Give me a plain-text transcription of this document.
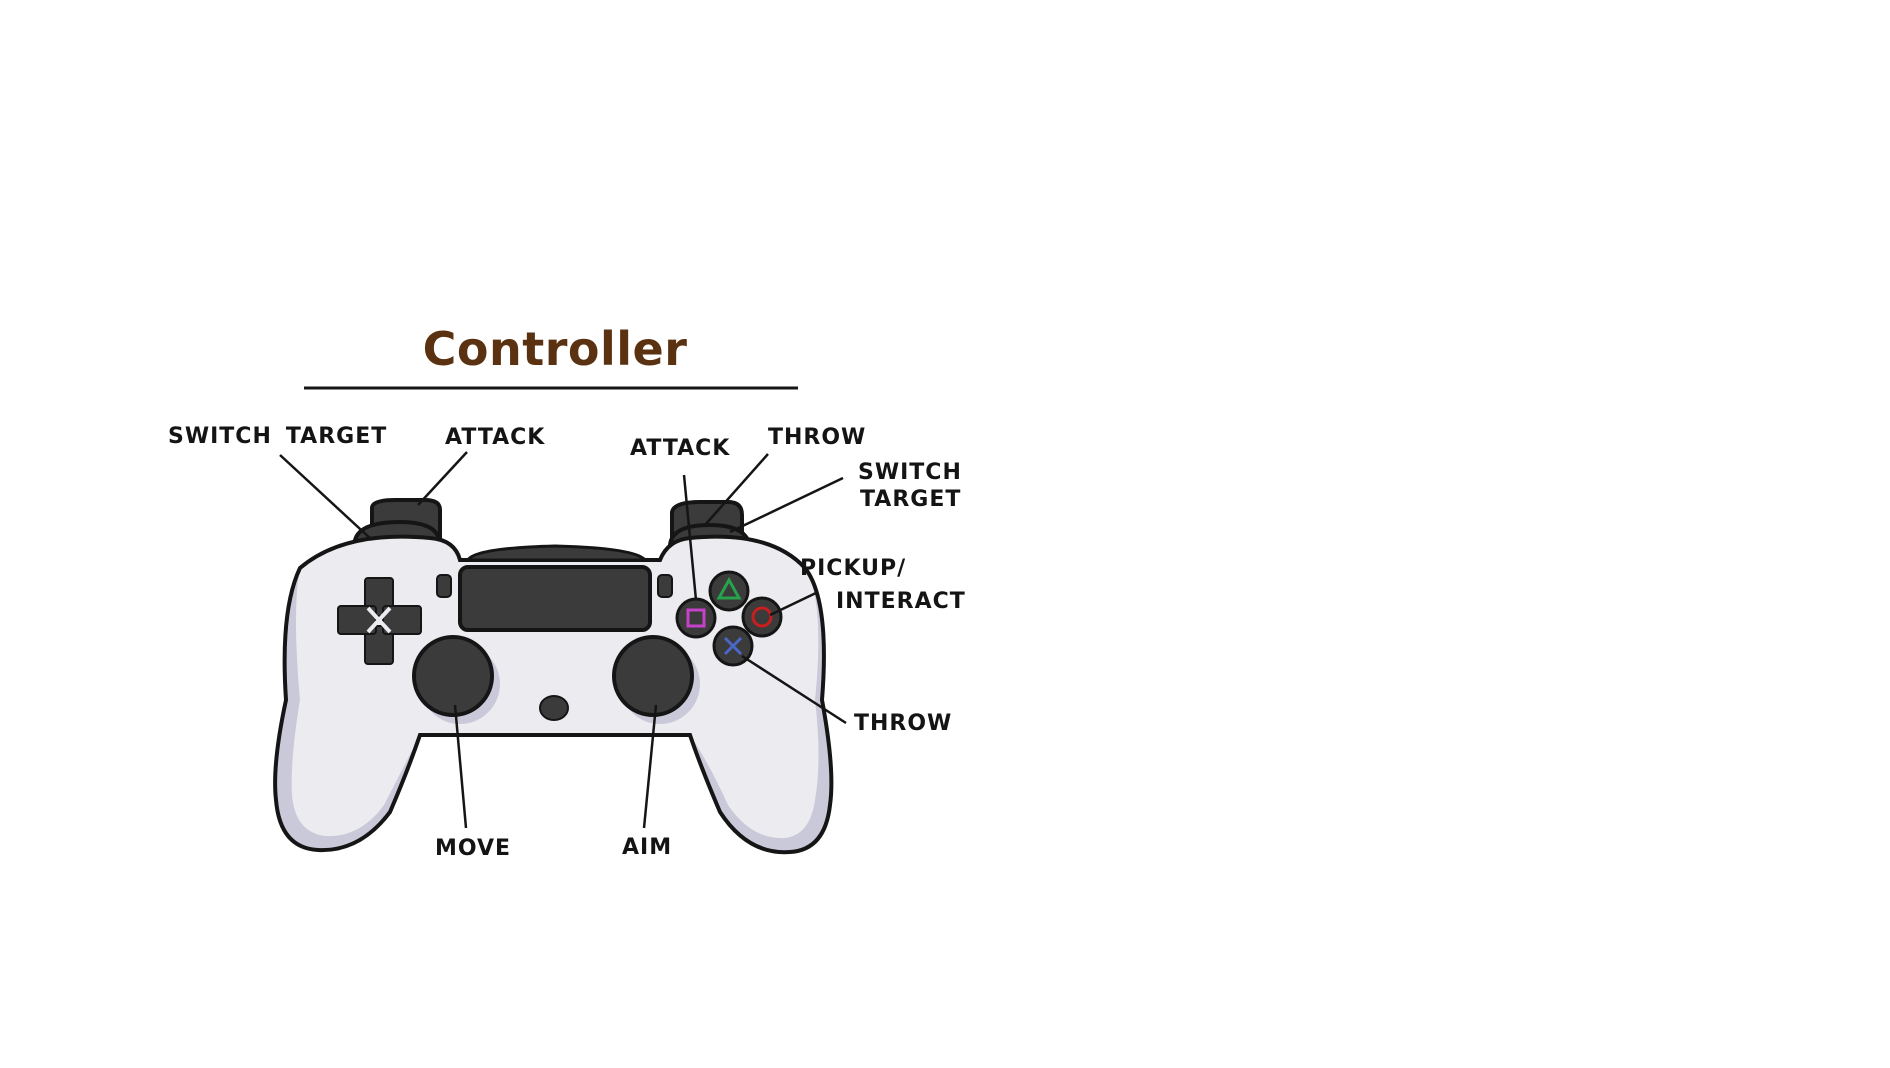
Controller
SWITCH TARGET	ATTACK	ATTACK THROW
SWITCH
TARGET
PICKUP/
INTERACT
THROW
MOVE	AIM
